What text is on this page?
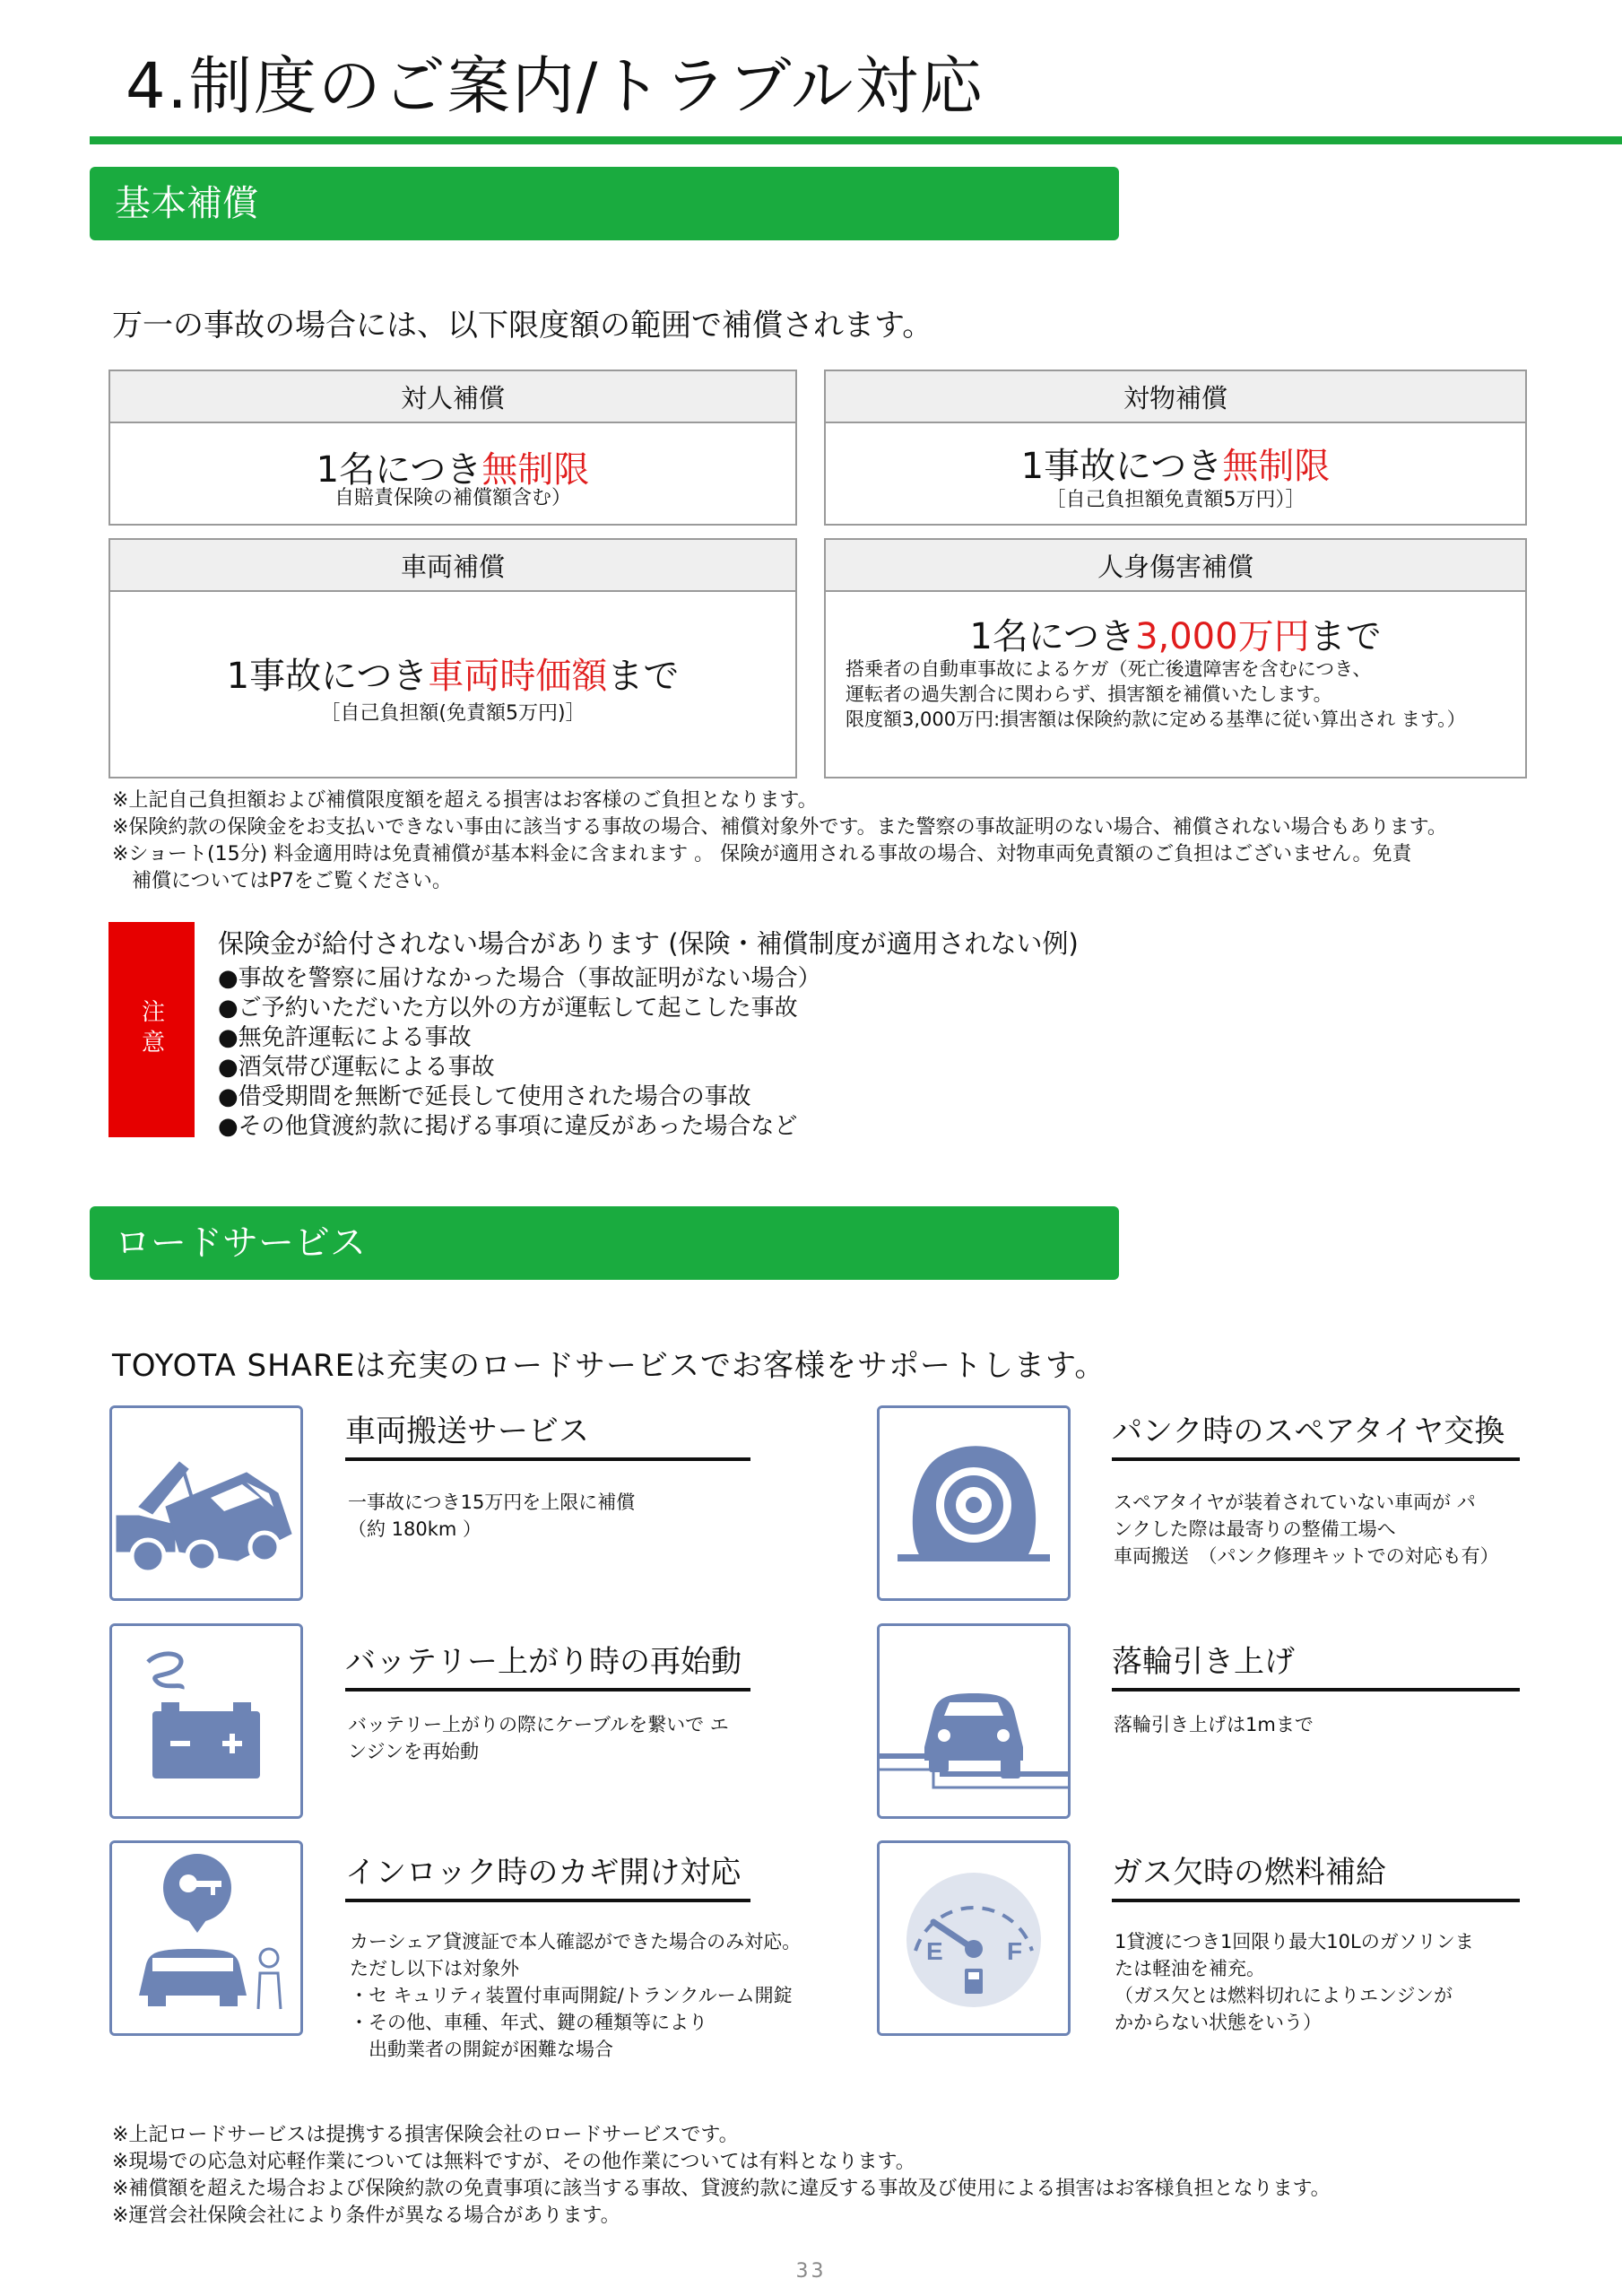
4.制度のご案内/トラブル対応
基本補償
万一の事故の場合には、以下限度額の範囲で補償されます。
対人補償
1名につき無制限
自賠責保険の補償額含む）
対物補償
1事故につき無制限
［自己負担額免責額5万円）］
車両補償
1事故につき車両時価額まで
［自己負担額(免責額5万円)］
人身傷害補償
1名につき3,000万円まで
搭乗者の自動車事故によるケガ（死亡後遺障害を含むにつき、
運転者の過失割合に関わらず、損害額を補償いたします。
限度額3,000万円:損害額は保険約款に定める基準に従い算出され ます。）
※上記自己負担額および補償限度額を超える損害はお客様のご負担となります。
※保険約款の保険金をお支払いできない事由に該当する事故の場合、補償対象外です。また警察の事故証明のない場合、補償されない場合もあります。
※ショート(15分) 料金適用時は免責補償が基本料金に含まれます 。 保険が適用される事故の場合、対物車両免責額のご負担はございません。免責
　補償についてはP7をご覧ください。
注意
保険金が給付されない場合があります (保険・補償制度が適用されない例)
●事故を警察に届けなかった場合（事故証明がない場合）
●ご予約いただいた方以外の方が運転して起こした事故
●無免許運転による事故
●酒気帯び運転による事故
●借受期間を無断で延長して使用された場合の事故
●その他貸渡約款に掲げる事項に違反があった場合など
ロードサービス
TOYOTA SHAREは充実のロードサービスでお客様をサポートします。
車両搬送サービス
一事故につき15万円を上限に補償
（約 180km ）
パンク時のスペアタイヤ交換
スペアタイヤが装着されていない車両が パ
ンクした際は最寄りの整備工場へ
車両搬送　（パンク修理キットでの対応も有）
バッテリー上がり時の再始動
バッテリー上がりの際にケーブルを繋いで エ
ンジンを再始動
落輪引き上げ
落輪引き上げは1mまで
インロック時のカギ開け対応
カーシェア貸渡証で本人確認ができた場合のみ対応。
ただし以下は対象外
・セ キュリティ装置付車両開錠/トランクルーム開錠
・その他、車種、年式、鍵の種類等により
　出動業者の開錠が困難な場合
E	F
ガス欠時の燃料補給
1貸渡につき1回限り最大10Lのガソリンま
たは軽油を補充。
（ガス欠とは燃料切れによりエンジンが
かからない状態をいう）
※上記ロードサービスは提携する損害保険会社のロードサービスです。
※現場での応急対応軽作業については無料ですが、その他作業については有料となります。
※補償額を超えた場合および保険約款の免責事項に該当する事故、貸渡約款に違反する事故及び使用による損害はお客様負担となります。
※運営会社保険会社により条件が異なる場合があります。
33
